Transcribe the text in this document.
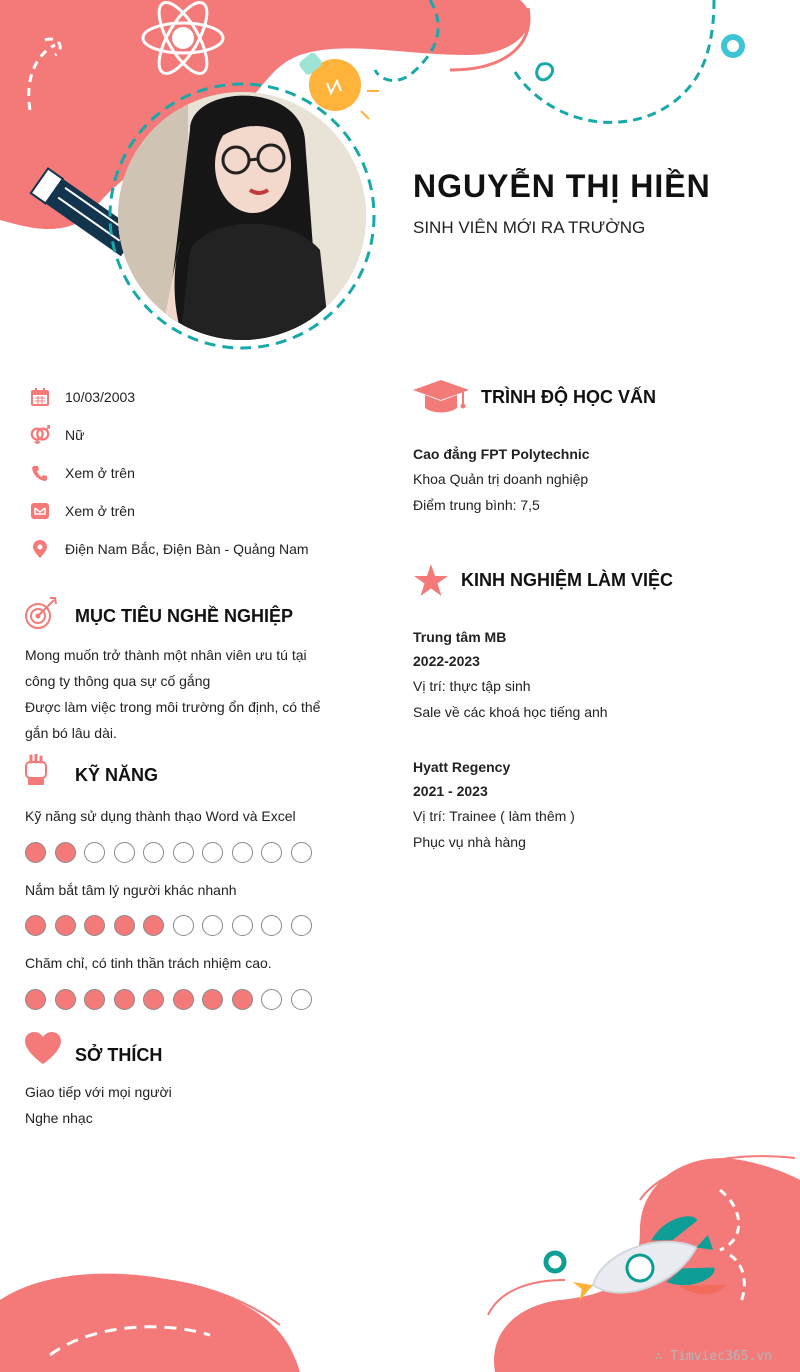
NGUYỄN THỊ HIỀN
SINH VIÊN MỚI RA TRƯỜNG
10/03/2003
Nữ
Xem ở trên
Xem ở trên
Điện Nam Bắc, Điện Bàn - Quảng Nam
MỤC TIÊU NGHỀ NGHIỆP
Mong muốn trở thành một nhân viên ưu tú tại
công ty thông qua sự cố gắng
Được làm việc trong môi trường ổn định, có thể
gắn bó lâu dài.
KỸ NĂNG
Kỹ năng sử dụng thành thạo Word và Excel
Nắm bắt tâm lý người khác nhanh
Chăm chỉ, có tinh thần trách nhiệm cao.
SỞ THÍCH
Giao tiếp với mọi người
Nghe nhạc
TRÌNH ĐỘ HỌC VẤN
Cao đẳng FPT Polytechnic
Khoa Quản trị doanh nghiệp
Điểm trung bình: 7,5
KINH NGHIỆM LÀM VIỆC
Trung tâm MB
2022-2023
Vị trí: thực tập sinh
Sale về các khoá học tiếng anh
Hyatt Regency
2021 - 2023
Vị trí: Trainee ( làm thêm )
Phục vụ nhà hàng
∴ Timviec365.vn
